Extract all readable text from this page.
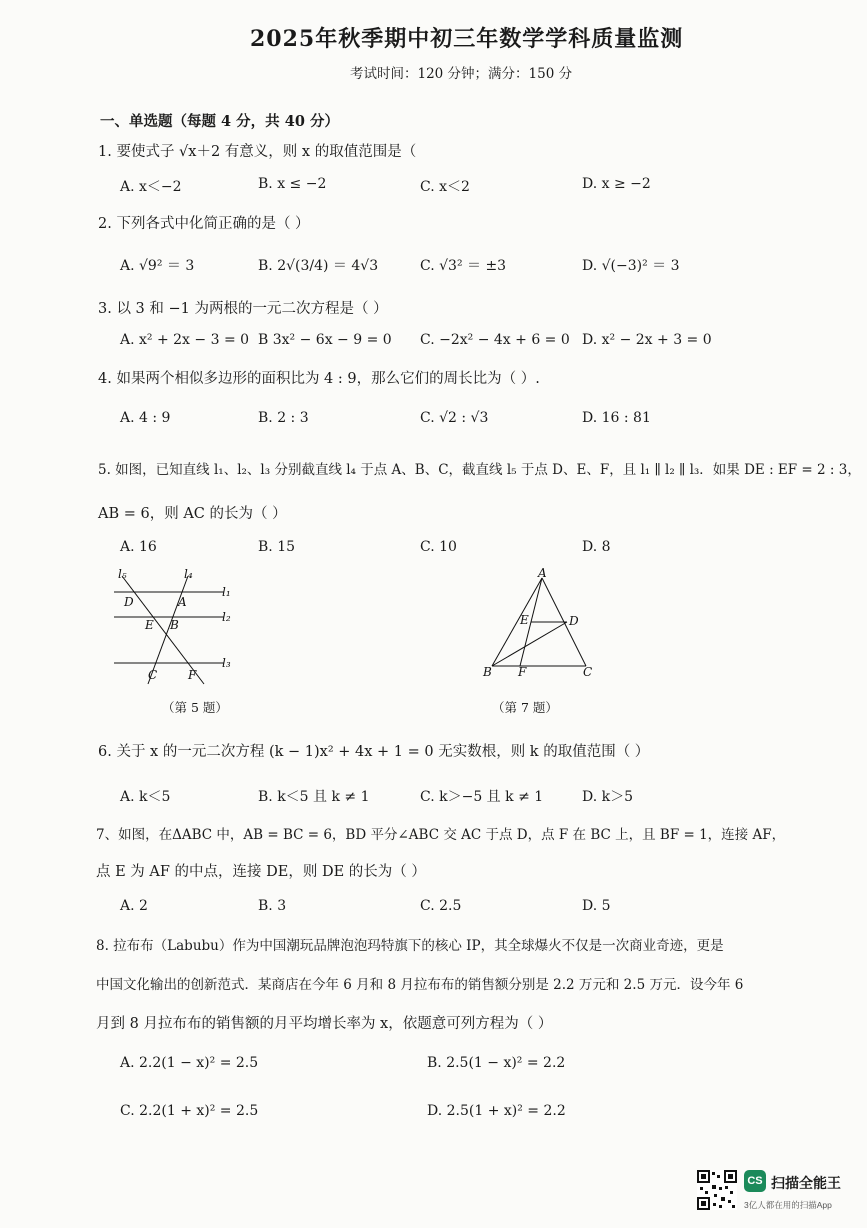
2025年秋季期中初三年数学学科质量监测
考试时间：120 分钟；满分：150 分
一、单选题（每题 4 分，共 40 分）
1. 要使式子 √x＋2 有意义，则 x 的取值范围是（
A. x＜−2	B. x ≤ −2	C. x＜2	D. x ≥ −2
2. 下列各式中化简正确的是（ ）
A. √9² ＝ 3	B. 2√(3/4) ＝ 4√3	C. √3² ＝ ±3	D. √(−3)² ＝ 3
3. 以 3 和 −1 为两根的一元二次方程是（ ）
A. x² + 2x − 3 = 0 B 3x² − 6x − 9 = 0 C. −2x² − 4x + 6 = 0 D. x² − 2x + 3 = 0
4. 如果两个相似多边形的面积比为 4 : 9，那么它们的周长比为（ ）.
A. 4 : 9	B. 2 : 3	C. √2 : √3	D. 16 : 81
5. 如图，已知直线 l₁、l₂、l₃ 分别截直线 l₄ 于点 A、B、C，截直线 l₅ 于点 D、E、F，且 l₁ ∥ l₂ ∥ l₃．如果 DE : EF = 2 : 3，
AB = 6，则 AC 的长为（ ）
A. 16	B. 15	C. 10	D. 8
l₅	l₄
l₁
l₂
l₃
D	A
E B
C	F
（第 5 题）
A
E	D
B F	C
（第 7 题）
6. 关于 x 的一元二次方程 (k − 1)x² + 4x + 1 = 0 无实数根，则 k 的取值范围（ ）
A. k＜5	B. k＜5 且 k ≠ 1	C. k＞−5 且 k ≠ 1	D. k＞5
7、如图，在ΔABC 中，AB = BC = 6，BD 平分∠ABC 交 AC 于点 D，点 F 在 BC 上，且 BF = 1，连接 AF，
点 E 为 AF 的中点，连接 DE，则 DE 的长为（ ）
A. 2	B. 3	C. 2.5	D. 5
8. 拉布布（Labubu）作为中国潮玩品牌泡泡玛特旗下的核心 IP，其全球爆火不仅是一次商业奇迹，更是
中国文化输出的创新范式．某商店在今年 6 月和 8 月拉布布的销售额分别是 2.2 万元和 2.5 万元．设今年 6
月到 8 月拉布布的销售额的月平均增长率为 x，依题意可列方程为（ ）
A. 2.2(1 − x)² = 2.5	B. 2.5(1 − x)² = 2.2
C. 2.2(1 + x)² = 2.5	D. 2.5(1 + x)² = 2.2
CS 扫描全能王
3亿人都在用的扫描App
